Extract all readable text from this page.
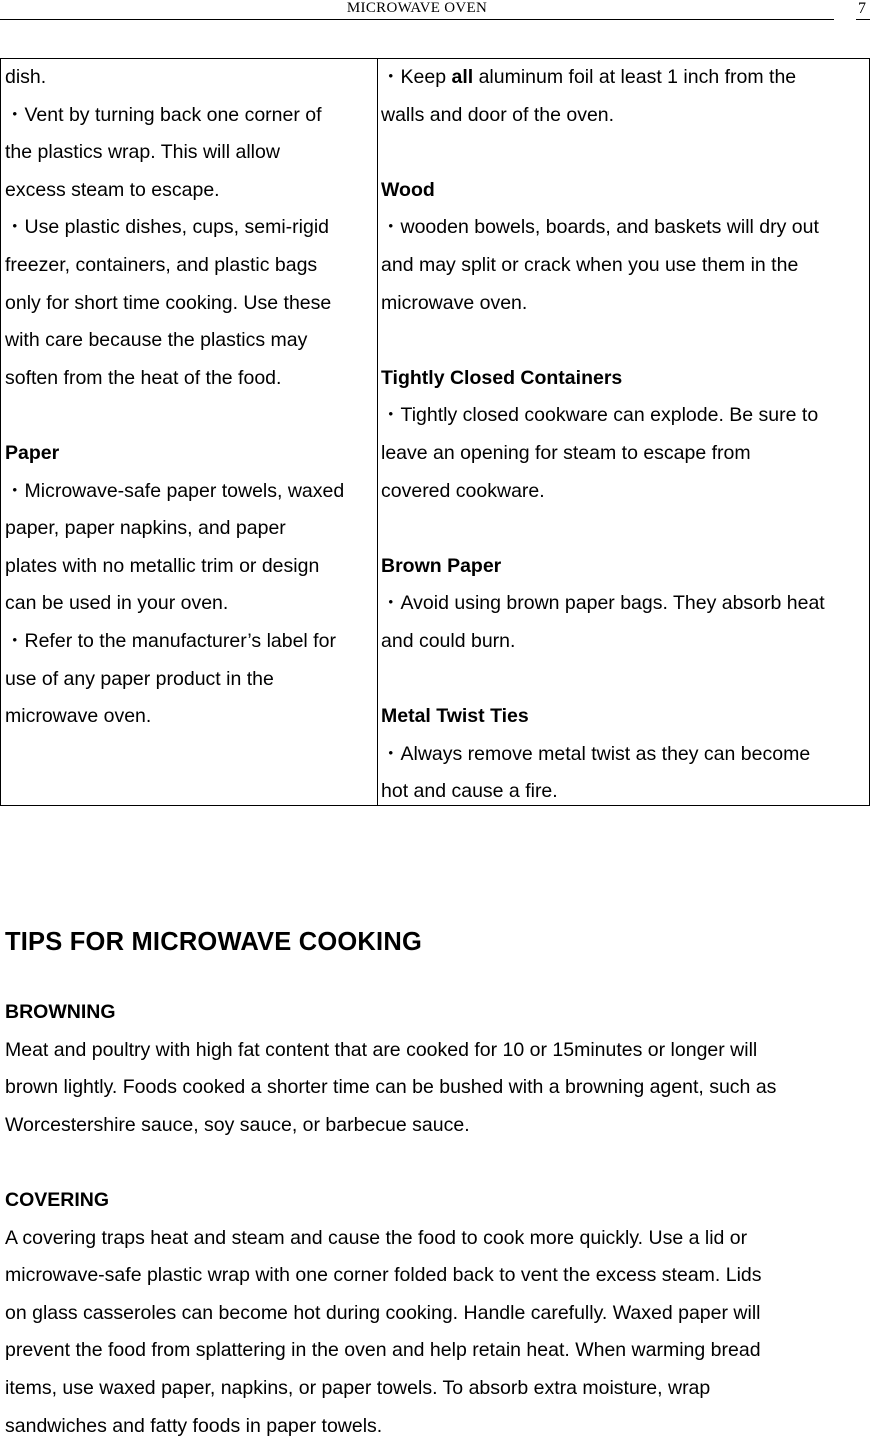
MICROWAVE OVEN	7

dish.

・Vent by turning back one corner of

the plastics wrap. This will allow

excess steam to escape.

・Use plastic dishes, cups, semi-rigid

freezer, containers, and plastic bags

only for short time cooking. Use these

with care because the plastics may

soften from the heat of the food.

Paper

・Microwave-safe paper towels, waxed

paper, paper napkins, and paper

plates with no metallic trim or design

can be used in your oven.

・Refer to the manufacturer’s label for

use of any paper product in the

microwave oven.

・Keep all aluminum foil at least 1 inch from the

walls and door of the oven.

Wood

・wooden bowels, boards, and baskets will dry out

and may split or crack when you use them in the

microwave oven.

Tightly Closed Containers

・Tightly closed cookware can explode. Be sure to

leave an opening for steam to escape from

covered cookware.

Brown Paper

・Avoid using brown paper bags. They absorb heat

and could burn.

Metal Twist Ties

・Always remove metal twist as they can become

hot and cause a fire.

TIPS FOR MICROWAVE COOKING
BROWNING

Meat and poultry with high fat content that are cooked for 10 or 15minutes or longer will
brown lightly. Foods cooked a shorter time can be bushed with a browning agent, such as
Worcestershire sauce, soy sauce, or barbecue sauce.

COVERING

A covering traps heat and steam and cause the food to cook more quickly. Use a lid or
microwave-safe plastic wrap with one corner folded back to vent the excess steam. Lids
on glass casseroles can become hot during cooking. Handle carefully. Waxed paper will
prevent the food from splattering in the oven and help retain heat. When warming bread
items, use waxed paper, napkins, or paper towels. To absorb extra moisture, wrap
sandwiches and fatty foods in paper towels.
